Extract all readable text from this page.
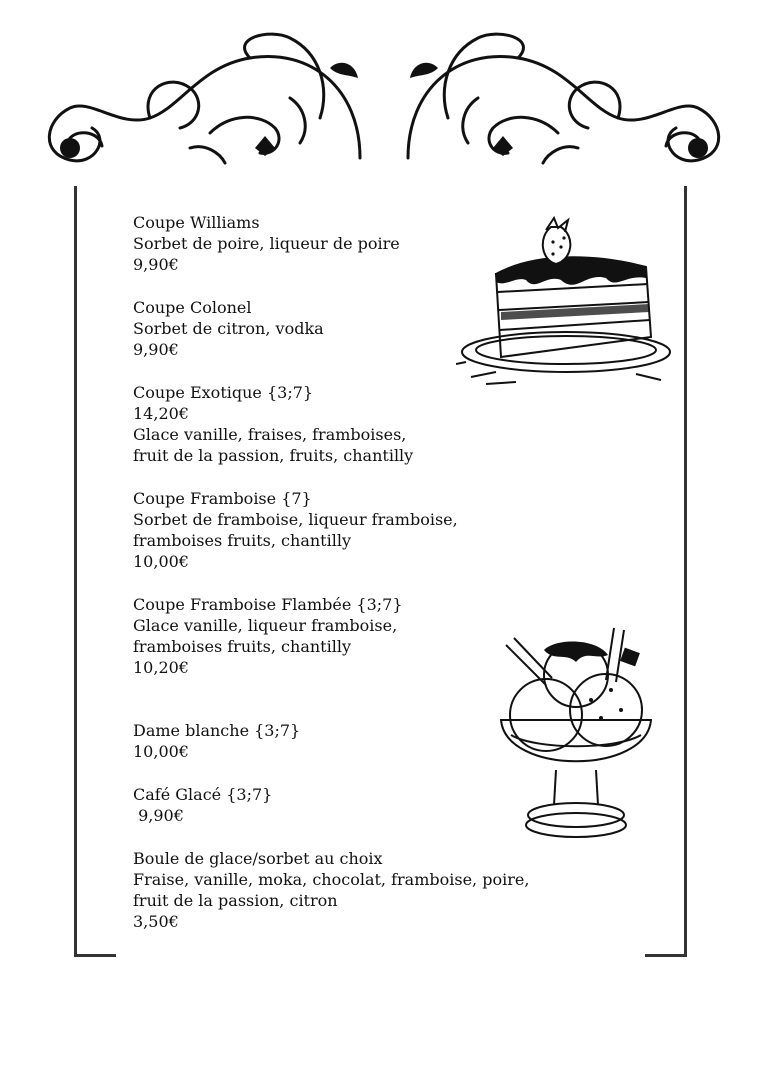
Coupe Williams
Sorbet de poire, liqueur de poire
9,90€
Coupe Colonel
Sorbet de citron, vodka
9,90€
Coupe Exotique {3;7}
14,20€
Glace vanille, fraises, framboises,
fruit de la passion, fruits, chantilly
Coupe Framboise {7}
Sorbet de framboise, liqueur framboise,
framboises fruits, chantilly
10,00€
Coupe Framboise Flambée {3;7}
Glace vanille, liqueur framboise,
framboises fruits, chantilly
10,20€
Dame blanche {3;7}
10,00€
Café Glacé {3;7}
9,90€
Boule de glace/sorbet au choix
Fraise, vanille, moka, chocolat, framboise, poire,
fruit de la passion, citron
3,50€
